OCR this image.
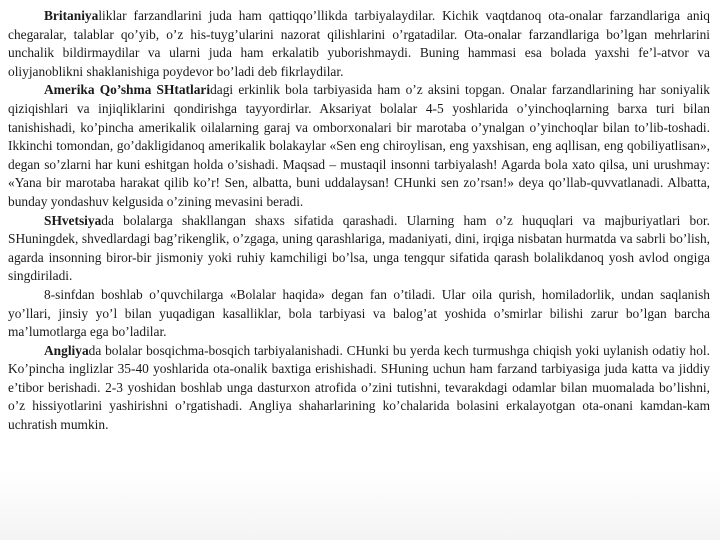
Britaniyaliklar farzandlarini juda ham qattiqqo’llikda tarbiyalaydilar. Kichik vaqtdanoq ota-onalar farzandlariga aniq chegaralar, talablar qo’yib, o’z his-tuyg’ularini nazorat qilishlarini o’rgatadilar. Ota-onalar farzandlariga bo’lgan mehrlarini unchalik bildirmaydilar va ularni juda ham erkalatib yuborishmaydi. Buning hammasi esa bolada yaxshi fe’l-atvor va oliyjanoblikni shaklanishiga poydevor bo’ladi deb fikrlaydilar.

Amerika Qo’shma SHtatlaridagi erkinlik bola tarbiyasida ham o’z aksini topgan. Onalar farzandlarining har soniyalik qiziqishlari va injiqliklarini qondirishga tayyordirlar. Aksariyat bolalar 4-5 yoshlarida o’yinchoqlarning barxa turi bilan tanishishadi, ko’pincha amerikalik oilalarning garaj va omborxonalari bir marotaba o’ynalgan o’yinchoqlar bilan to’lib-toshadi. Ikkinchi tomondan, go’dakligidanoq amerikalik bolakaylar «Sen eng chiroylisan, eng yaxshisan, eng aqllisan, eng qobiliyatlisan», degan so’zlarni har kuni eshitgan holda o’sishadi. Maqsad – mustaqil insonni tarbiyalash! Agarda bola xato qilsa, uni urushmay: «Yana bir marotaba harakat qilib ko’r! Sen, albatta, buni uddalaysan! CHunki sen zo’rsan!» deya qo’llab-quvvatlanadi. Albatta, bunday yondashuv kelgusida o’zining mevasini beradi.

SHvetsiyada bolalarga shakllangan shaxs sifatida qarashadi. Ularning ham o’z huquqlari va majburiyatlari bor. SHuningdek, shvedlardagi bag’rikenglik, o’zgaga, uning qarashlariga, madaniyati, dini, irqiga nisbatan hurmatda va sabrli bo’lish, agarda insonning biror-bir jismoniy yoki ruhiy kamchiligi bo’lsa, unga tengqur sifatida qarash bolalikdanoq yosh avlod ongiga singdiriladi.

8-sinfdan boshlab o’quvchilarga «Bolalar haqida» degan fan o’tiladi. Ular oila qurish, homiladorlik, undan saqlanish yo’llari, jinsiy yo’l bilan yuqadigan kasalliklar, bola tarbiyasi va balog’at yoshida o’smirlar bilishi zarur bo’lgan barcha ma’lumotlarga ega bo’ladilar.

Angliyada bolalar bosqichma-bosqich tarbiyalanishadi. CHunki bu yerda kech turmushga chiqish yoki uylanish odatiy hol. Ko’pincha inglizlar 35-40 yoshlarida ota-onalik baxtiga erishishadi. SHuning uchun ham farzand tarbiyasiga juda katta va jiddiy e’tibor berishadi. 2-3 yoshidan boshlab unga dasturxon atrofida o’zini tutishni, tevarakdagi odamlar bilan muomalada bo’lishni, o’z hissiyotlarini yashirishni o’rgatishadi. Angliya shaharlarining ko’chalarida bolasini erkalayotgan ota-onani kamdan-kam uchratish mumkin.
